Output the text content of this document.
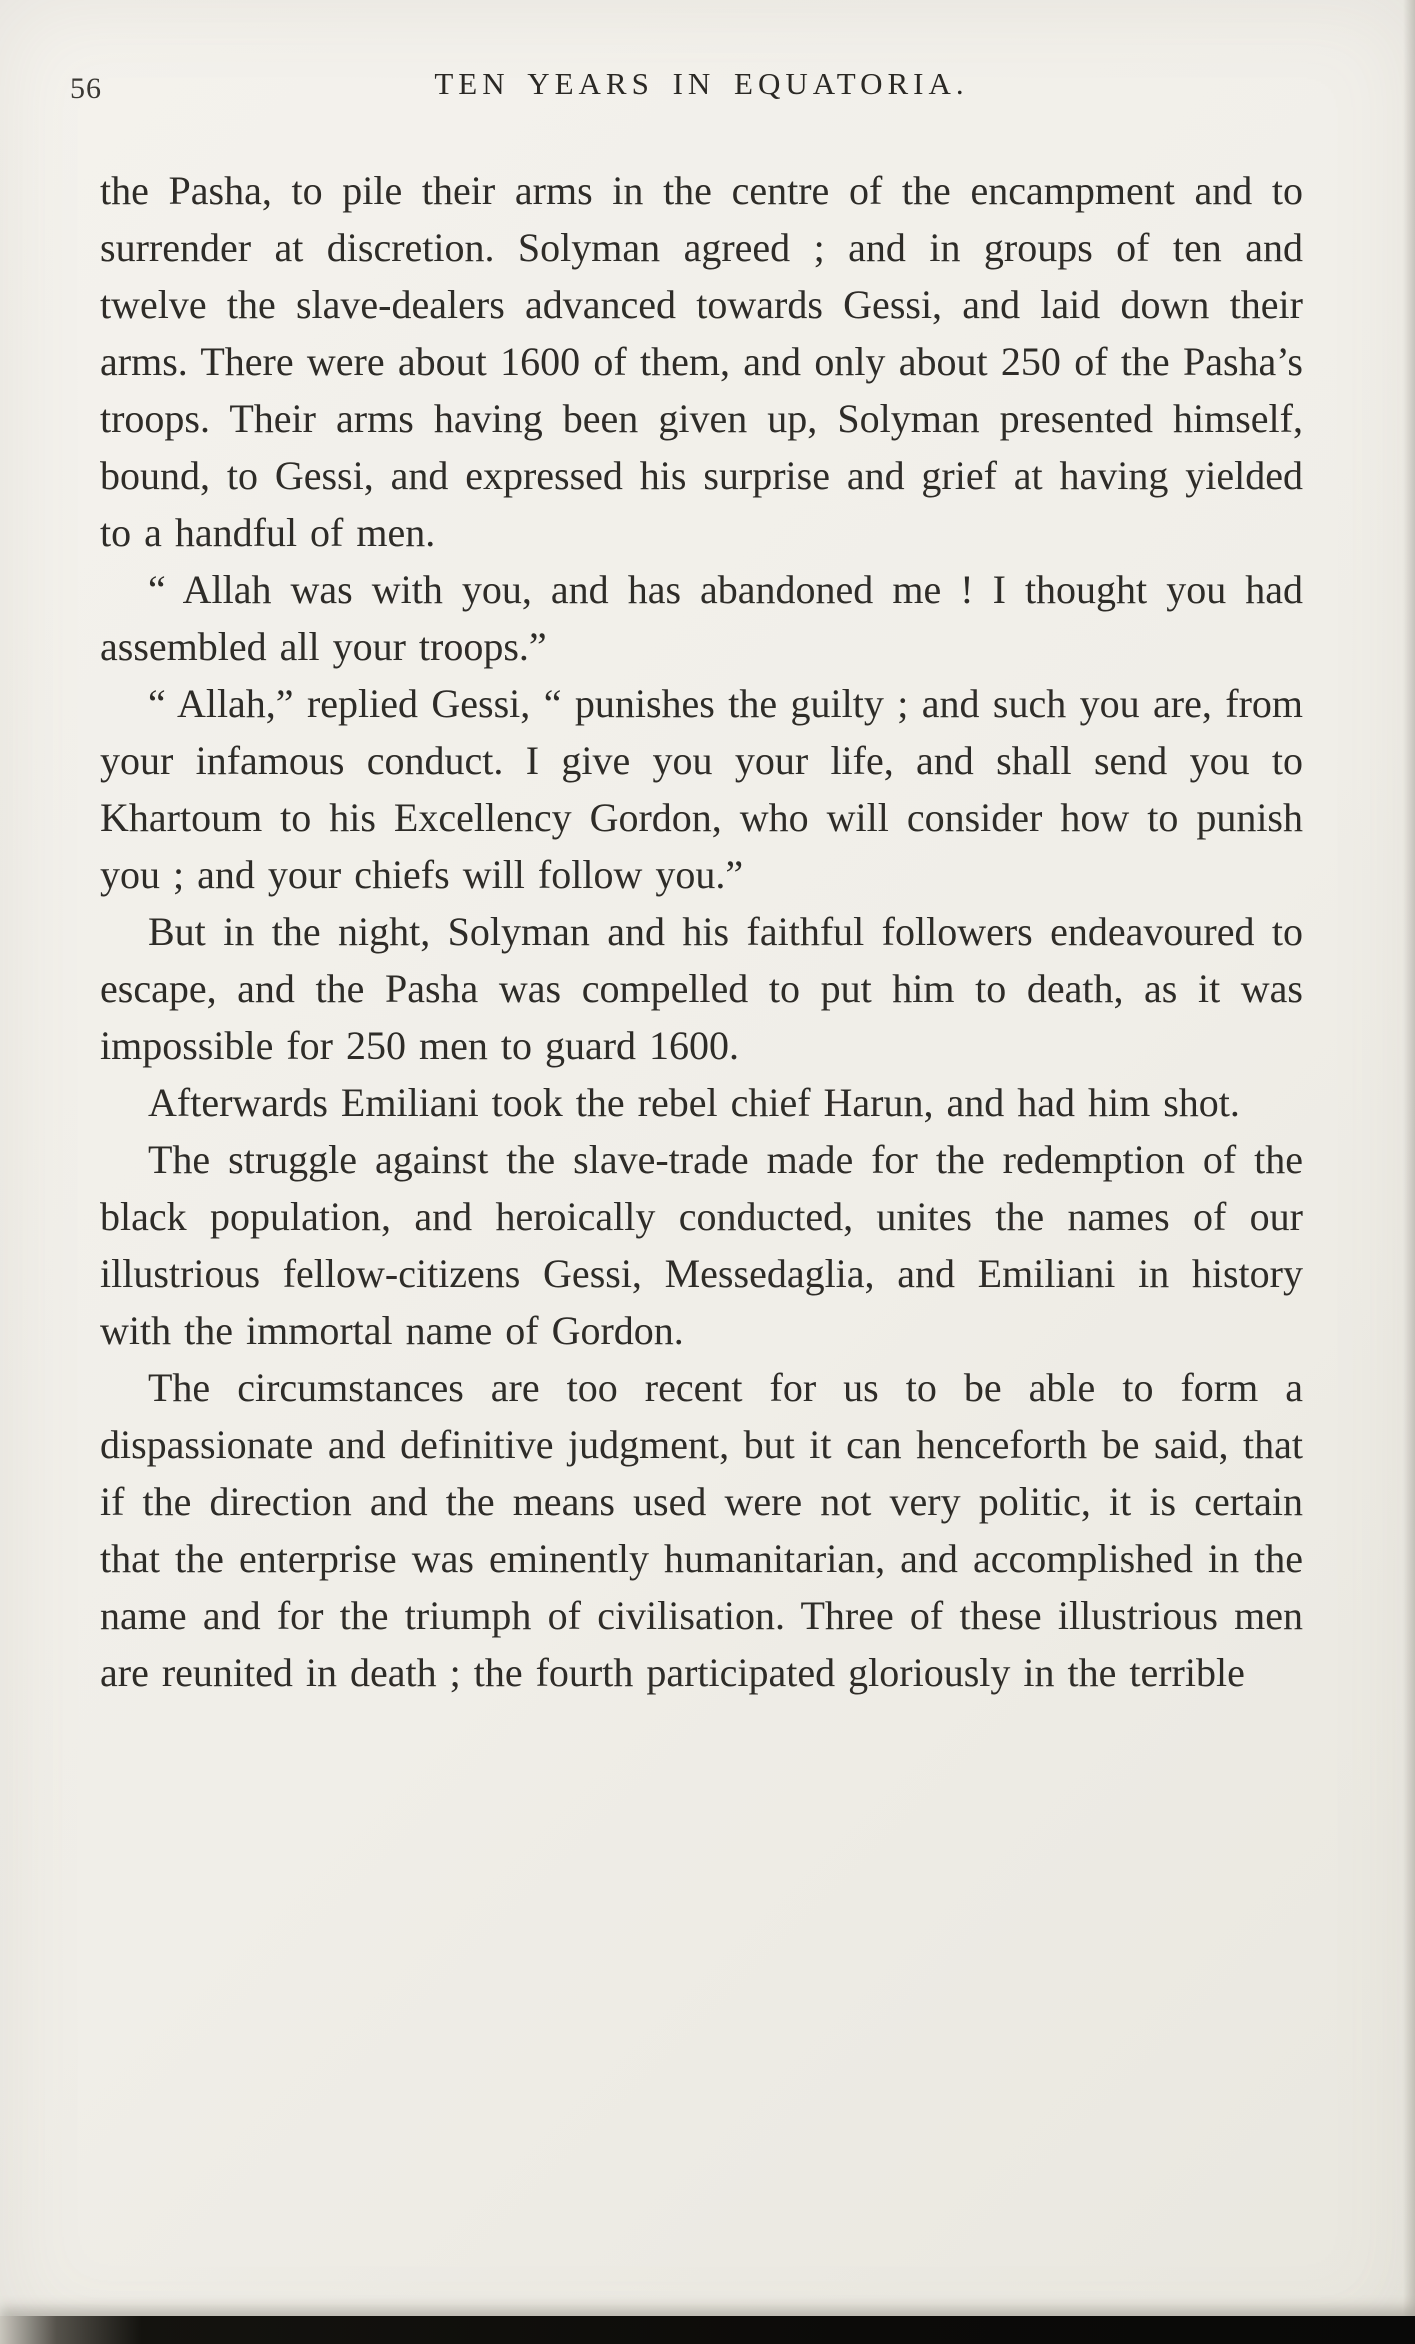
56	TEN YEARS IN EQUATORIA.

the Pasha, to pile their arms in the centre of the encampment and to surrender at discretion. Solyman agreed ; and in groups of ten and twelve the slave-dealers advanced towards Gessi, and laid down their arms. There were about 1600 of them, and only about 250 of the Pasha’s troops. Their arms having been given up, Solyman presented himself, bound, to Gessi, and expressed his surprise and grief at having yielded to a handful of men.

“ Allah was with you, and has abandoned me ! I thought you had assembled all your troops.”

“ Allah,” replied Gessi, “ punishes the guilty ; and such you are, from your infamous conduct. I give you your life, and shall send you to Khartoum to his Excellency Gordon, who will consider how to punish you ; and your chiefs will follow you.”

But in the night, Solyman and his faithful followers endeavoured to escape, and the Pasha was compelled to put him to death, as it was impossible for 250 men to guard 1600.

Afterwards Emiliani took the rebel chief Harun, and had him shot.

The struggle against the slave-trade made for the redemption of the black population, and heroically conducted, unites the names of our illustrious fellow-citizens Gessi, Messedaglia, and Emiliani in history with the immortal name of Gordon.

The circumstances are too recent for us to be able to form a dispassionate and definitive judgment, but it can henceforth be said, that if the direction and the means used were not very politic, it is certain that the enterprise was eminently humanitarian, and accomplished in the name and for the triumph of civilisation. Three of these illustrious men are reunited in death ; the fourth participated gloriously in the terrible
